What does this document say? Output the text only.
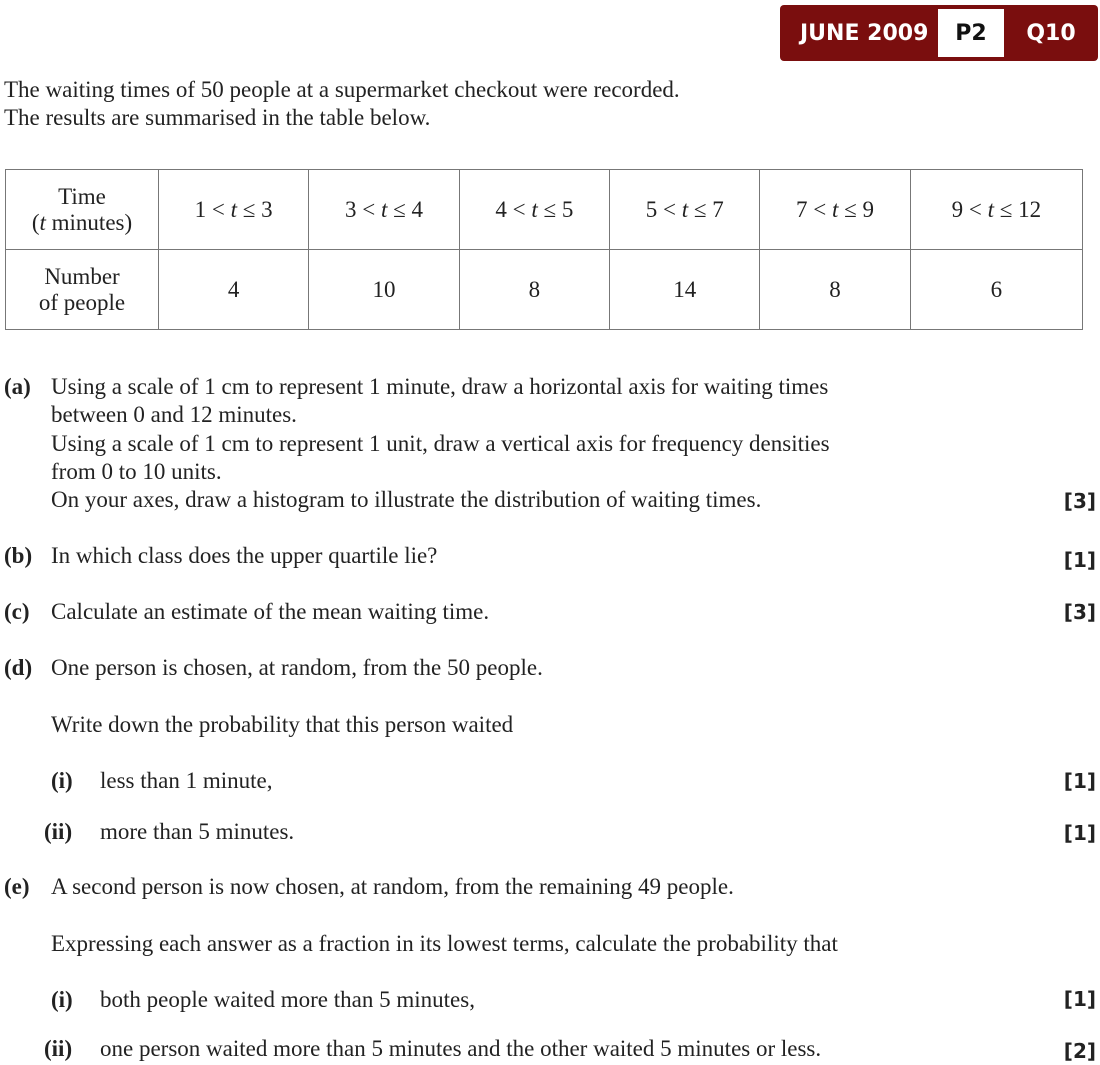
JUNE 2009	P2	Q10
The waiting times of 50 people at a supermarket checkout were recorded.
The results are summarised in the table below.
Time
(t minutes)	1 < t ≤ 3	3 < t ≤ 4	4 < t ≤ 5	5 < t ≤ 7	7 < t ≤ 9	9 < t ≤ 12

Number
of people	4	10	8	14	8	6
(a) Using a scale of 1 cm to represent 1 minute, draw a horizontal axis for waiting times
between 0 and 12 minutes.
Using a scale of 1 cm to represent 1 unit, draw a vertical axis for frequency densities
from 0 to 10 units.
On your axes, draw a histogram to illustrate the distribution of waiting times.	[3]
(b) In which class does the upper quartile lie?	[1]
(c) Calculate an estimate of the mean waiting time.	[3]
(d) One person is chosen, at random, from the 50 people.
Write down the probability that this person waited
(i) less than 1 minute,	[1]
(ii) more than 5 minutes.	[1]
(e) A second person is now chosen, at random, from the remaining 49 people.
Expressing each answer as a fraction in its lowest terms, calculate the probability that
(i) both people waited more than 5 minutes,	[1]
(ii) one person waited more than 5 minutes and the other waited 5 minutes or less.	[2]
